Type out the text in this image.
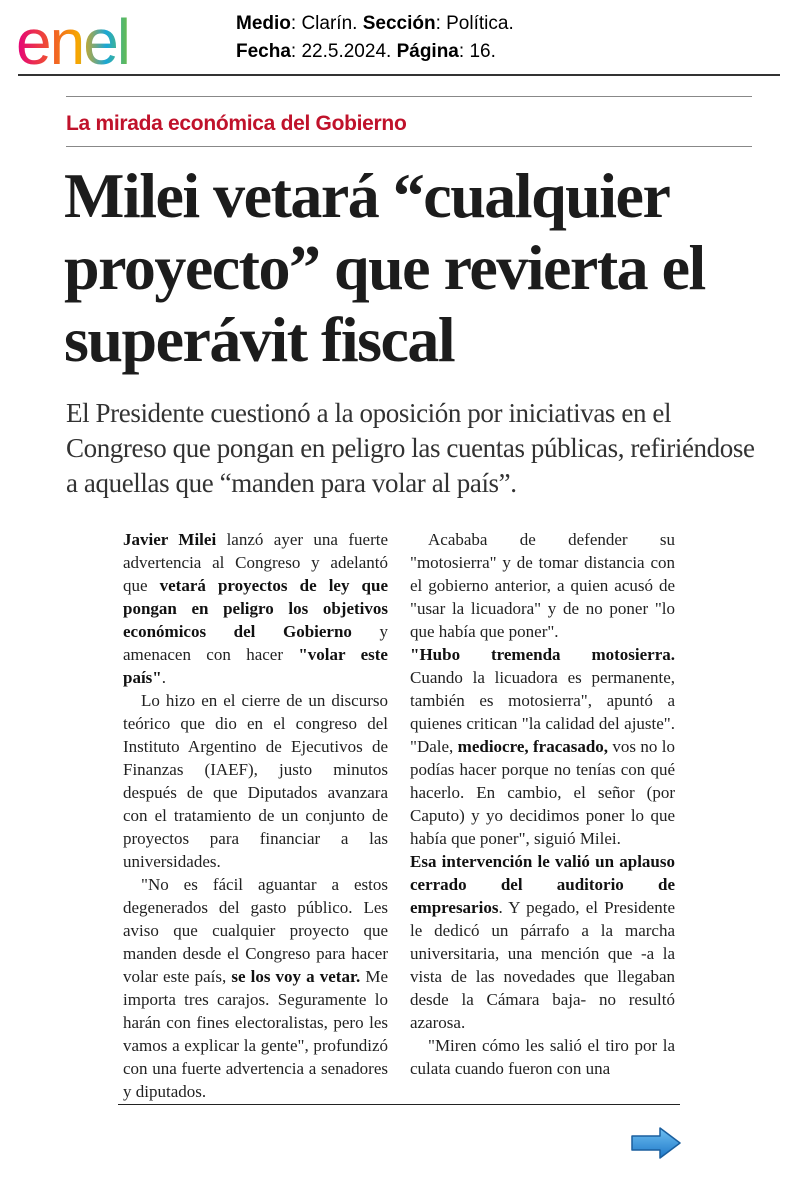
enel	Medio: Clarín. Sección: Política.
Fecha: 22.5.2024. Página: 16.
La mirada económica del Gobierno
Milei vetará “cualquier proyecto” que revierta el superávit fiscal

El Presidente cuestionó a la oposición por iniciativas en el Congreso que pongan en peligro las cuentas públicas, refiriéndose a aquellas que “manden para volar al país”.

Javier Milei lanzó ayer una fuerte advertencia al Congreso y adelantó que vetará proyectos de ley que pongan en peligro los objetivos económicos del Gobierno y amenacen con hacer "volar este país".

Lo hizo en el cierre de un discurso teórico que dio en el congreso del Instituto Argentino de Ejecutivos de Finanzas (IAEF), justo minutos después de que Diputados avanzara con el tratamiento de un conjunto de proyectos para financiar a las universidades.

"No es fácil aguantar a estos degenerados del gasto público. Les aviso que cualquier proyecto que manden desde el Congreso para hacer volar este país, se los voy a vetar. Me importa tres carajos. Seguramente lo harán con fines electoralistas, pero les vamos a explicar la gente", profundizó con una fuerte advertencia a senadores y diputados.

Acababa de defender su "motosierra" y de tomar distancia con el gobierno anterior, a quien acusó de "usar la licuadora" y de no poner "lo que había que poner".

"Hubo tremenda motosierra. Cuando la licuadora es permanente, también es motosierra", apuntó a quienes critican "la calidad del ajuste". "Dale, mediocre, fracasado, vos no lo podías hacer porque no tenías con qué hacerlo. En cambio, el señor (por Caputo) y yo decidimos poner lo que había que poner", siguió Milei.

Esa intervención le valió un aplauso cerrado del auditorio de empresarios. Y pegado, el Presidente le dedicó un párrafo a la marcha universitaria, una mención que -a la vista de las novedades que llegaban desde la Cámara baja- no resultó azarosa.

"Miren cómo les salió el tiro por la culata cuando fueron con una
